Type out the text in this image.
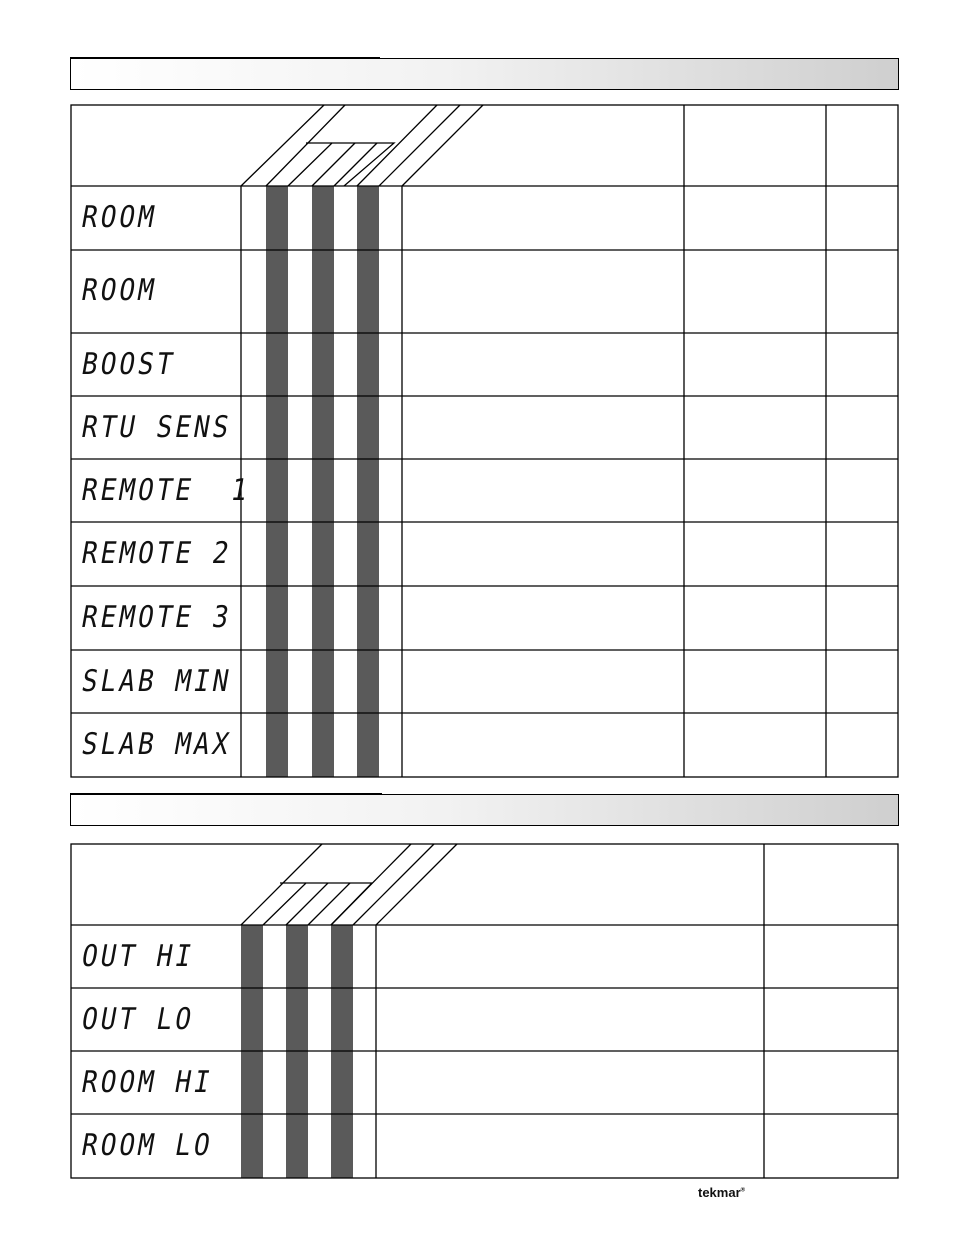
ROOM
ROOM
BOOST
RTU SENS
REMOTE  1
REMOTE 2
REMOTE 3
SLAB MIN
SLAB MAX
OUT HI
OUT LO
ROOM HI
ROOM LO
tekmar®
